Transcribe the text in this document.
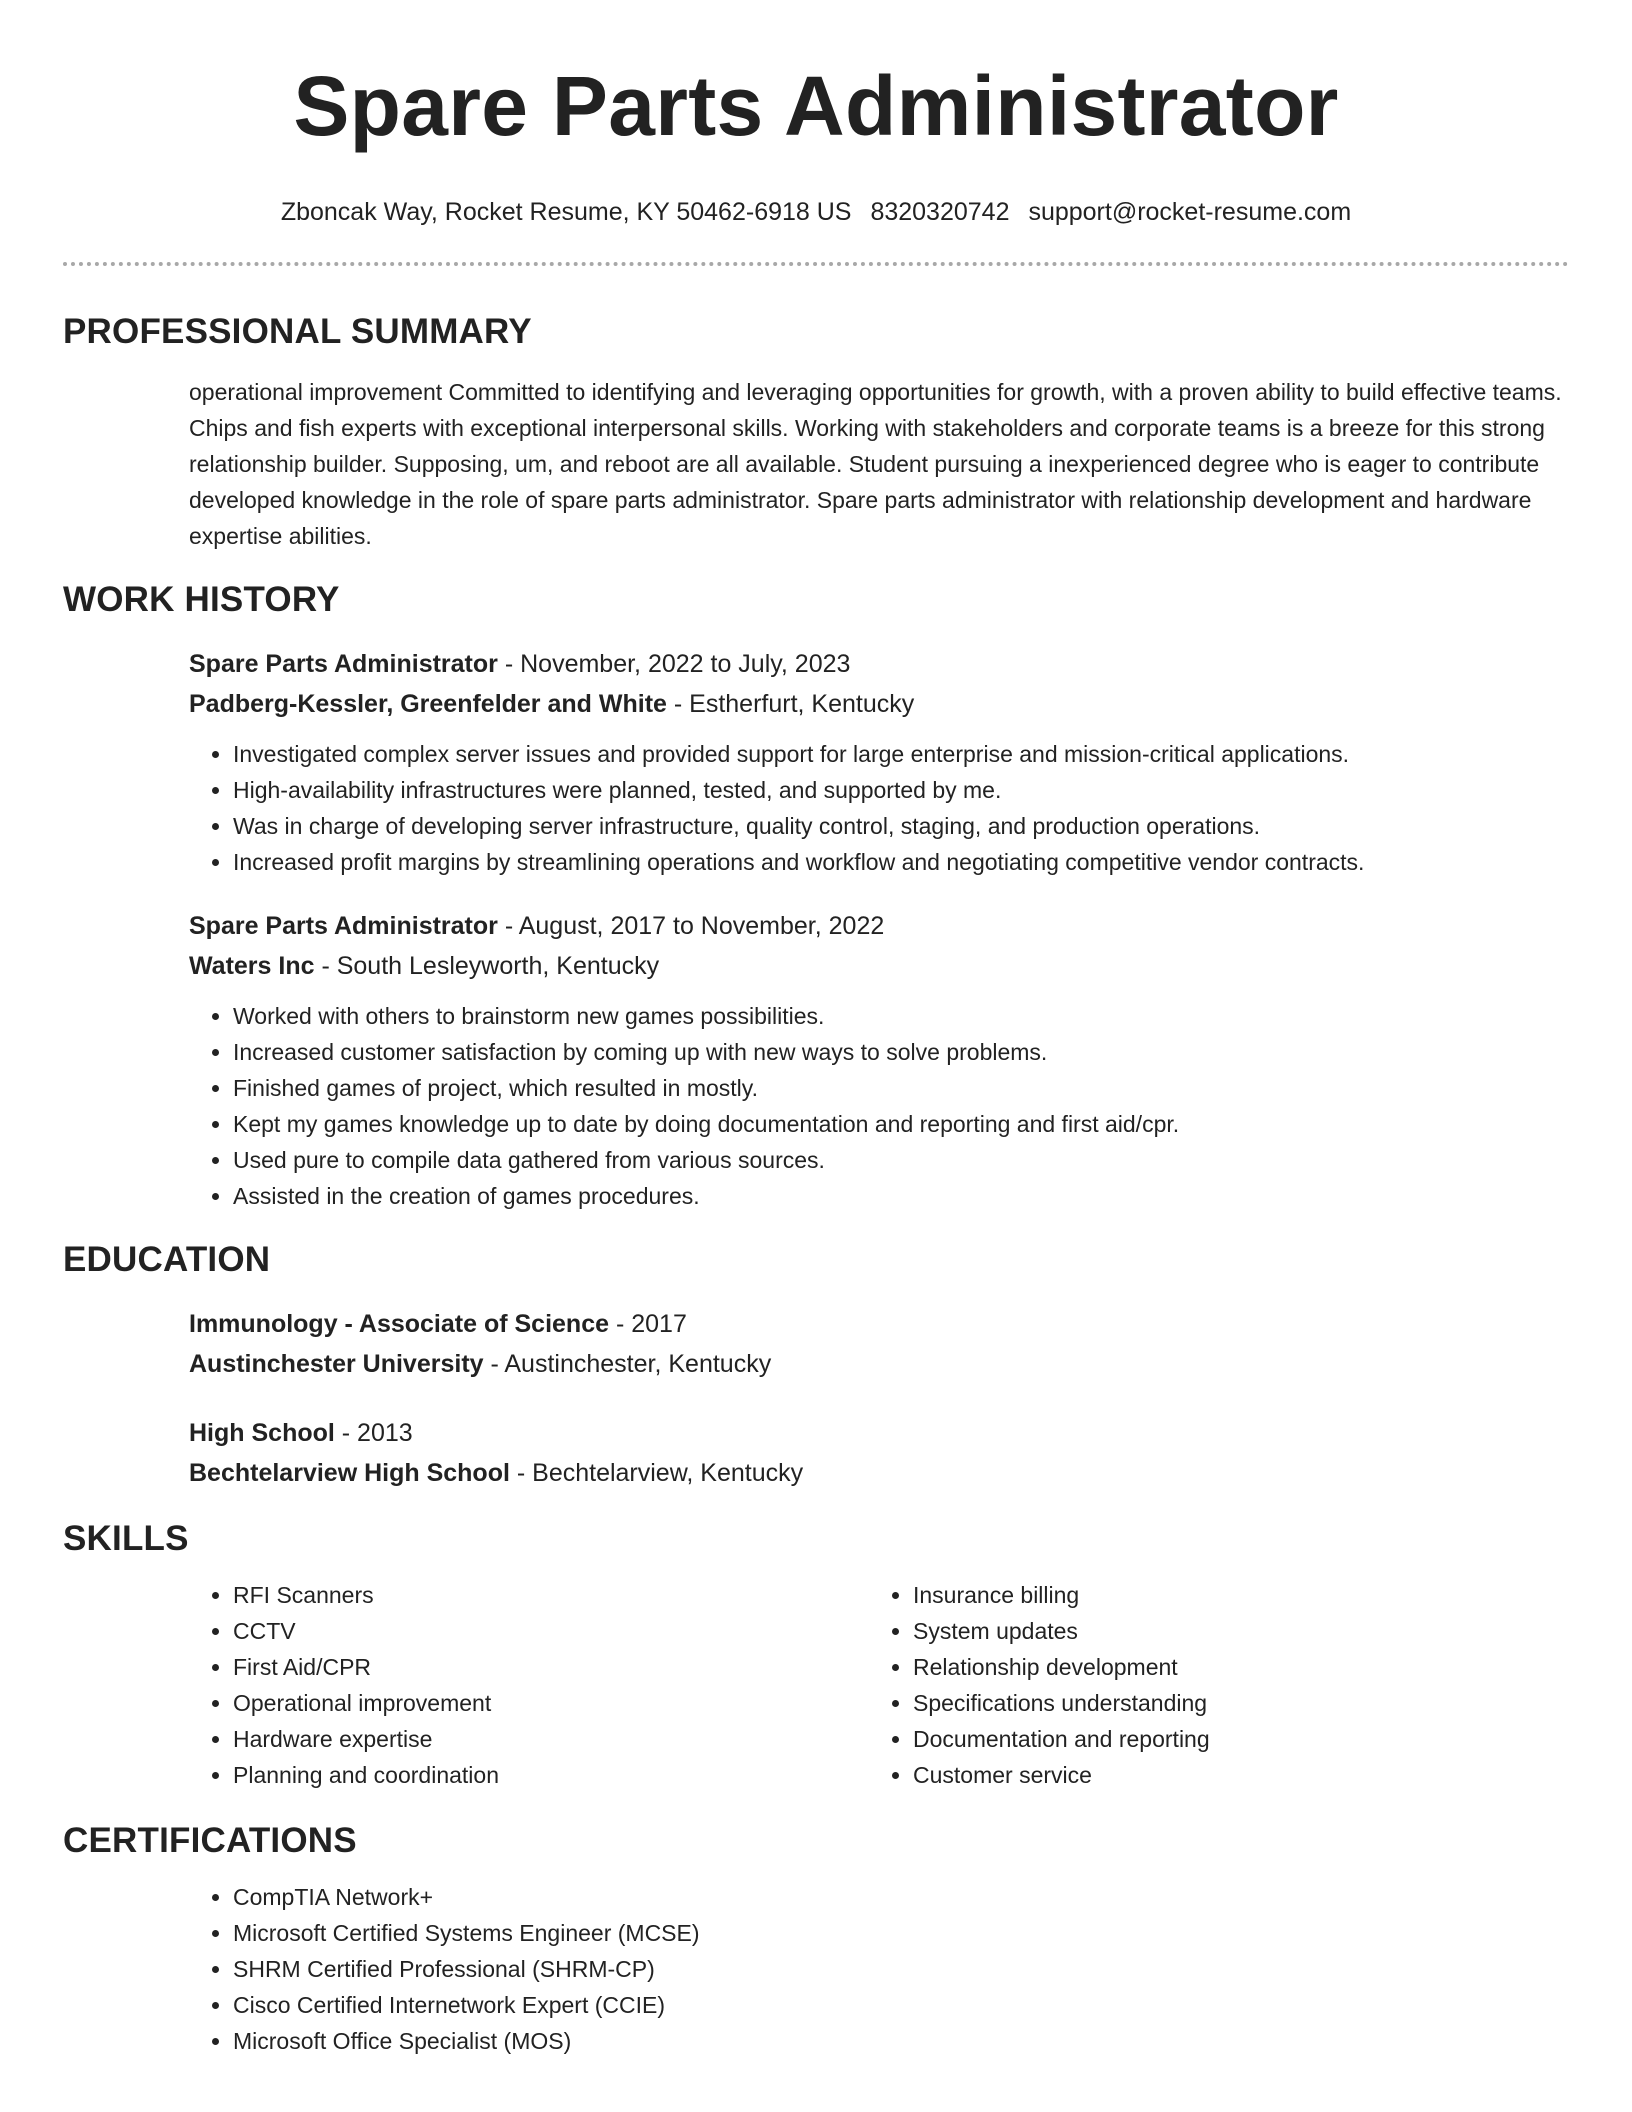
Spare Parts Administrator
Zboncak Way, Rocket Resume, KY 50462-6918 US 8320320742 support@rocket-resume.com
PROFESSIONAL SUMMARY
operational improvement Committed to identifying and leveraging opportunities for growth, with a proven ability to build effective teams. Chips and fish experts with exceptional interpersonal skills. Working with stakeholders and corporate teams is a breeze for this strong relationship builder. Supposing, um, and reboot are all available. Student pursuing a inexperienced degree who is eager to contribute developed knowledge in the role of spare parts administrator. Spare parts administrator with relationship development and hardware expertise abilities.
WORK HISTORY
Spare Parts Administrator - November, 2022 to July, 2023
Padberg-Kessler, Greenfelder and White - Estherfurt, Kentucky
• Investigated complex server issues and provided support for large enterprise and mission-critical applications.
• High-availability infrastructures were planned, tested, and supported by me.
• Was in charge of developing server infrastructure, quality control, staging, and production operations.
• Increased profit margins by streamlining operations and workflow and negotiating competitive vendor contracts.
Spare Parts Administrator - August, 2017 to November, 2022
Waters Inc - South Lesleyworth, Kentucky
• Worked with others to brainstorm new games possibilities.
• Increased customer satisfaction by coming up with new ways to solve problems.
• Finished games of project, which resulted in mostly.
• Kept my games knowledge up to date by doing documentation and reporting and first aid/cpr.
• Used pure to compile data gathered from various sources.
• Assisted in the creation of games procedures.
EDUCATION
Immunology - Associate of Science - 2017
Austinchester University - Austinchester, Kentucky
High School - 2013
Bechtelarview High School - Bechtelarview, Kentucky
SKILLS
• RFI Scanners
• CCTV
• First Aid/CPR
• Operational improvement
• Hardware expertise
• Planning and coordination
• Insurance billing
• System updates
• Relationship development
• Specifications understanding
• Documentation and reporting
• Customer service
CERTIFICATIONS
• CompTIA Network+
• Microsoft Certified Systems Engineer (MCSE)
• SHRM Certified Professional (SHRM-CP)
• Cisco Certified Internetwork Expert (CCIE)
• Microsoft Office Specialist (MOS)
